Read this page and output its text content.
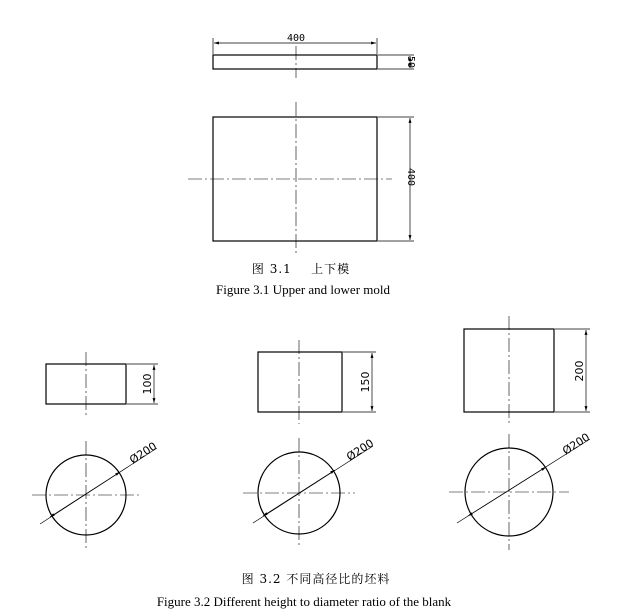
400
50
400
图 3.1    上下模
Figure 3.1 Upper and lower mold
100
Ø200
150
Ø200
200
Ø200
图 3.2 不同高径比的坯料
Figure 3.2 Different height to diameter ratio of the blank
